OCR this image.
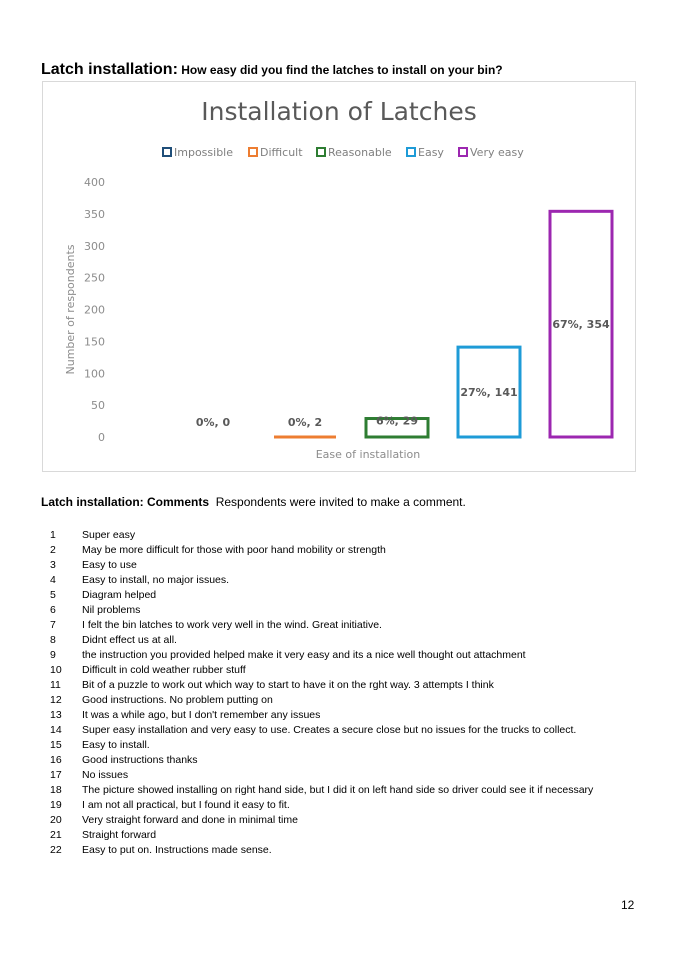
Latch installation: How easy did you find the latches to install on your bin?
Installation of Latches
Impossible Difficult Reasonable Easy Very easy
0
50
100
150
200
250
300
350
400
Number of respondents
Ease of installation
0%, 0	0%, 2	6%, 29
27%, 141
67%, 354
Latch installation: Comments Respondents were invited to make a comment.
1	Super easy
2	May be more difficult for those with poor hand mobility or strength
3	Easy to use
4	Easy to install, no major issues.
5	Diagram helped
6	Nil problems
7	I felt the bin latches to work very well in the wind. Great initiative.
8	Didnt effect us at all.
9	the instruction you provided helped make it very easy and its a nice well thought out attachment
10	Difficult in cold weather rubber stuff
11	Bit of a puzzle to work out which way to start to have it on the rght way. 3 attempts I think
12	Good instructions. No problem putting on
13	It was a while ago, but I don't remember any issues
14	Super easy installation and very easy to use. Creates a secure close but no issues for the trucks to collect.
15	Easy to install.
16	Good instructions thanks
17	No issues
18	The picture showed installing on right hand side, but I did it on left hand side so driver could see it if necessary
19	I am not all practical, but I found it easy to fit.
20	Very straight forward and done in minimal time
21	Straight forward
22	Easy to put on. Instructions made sense.
12
